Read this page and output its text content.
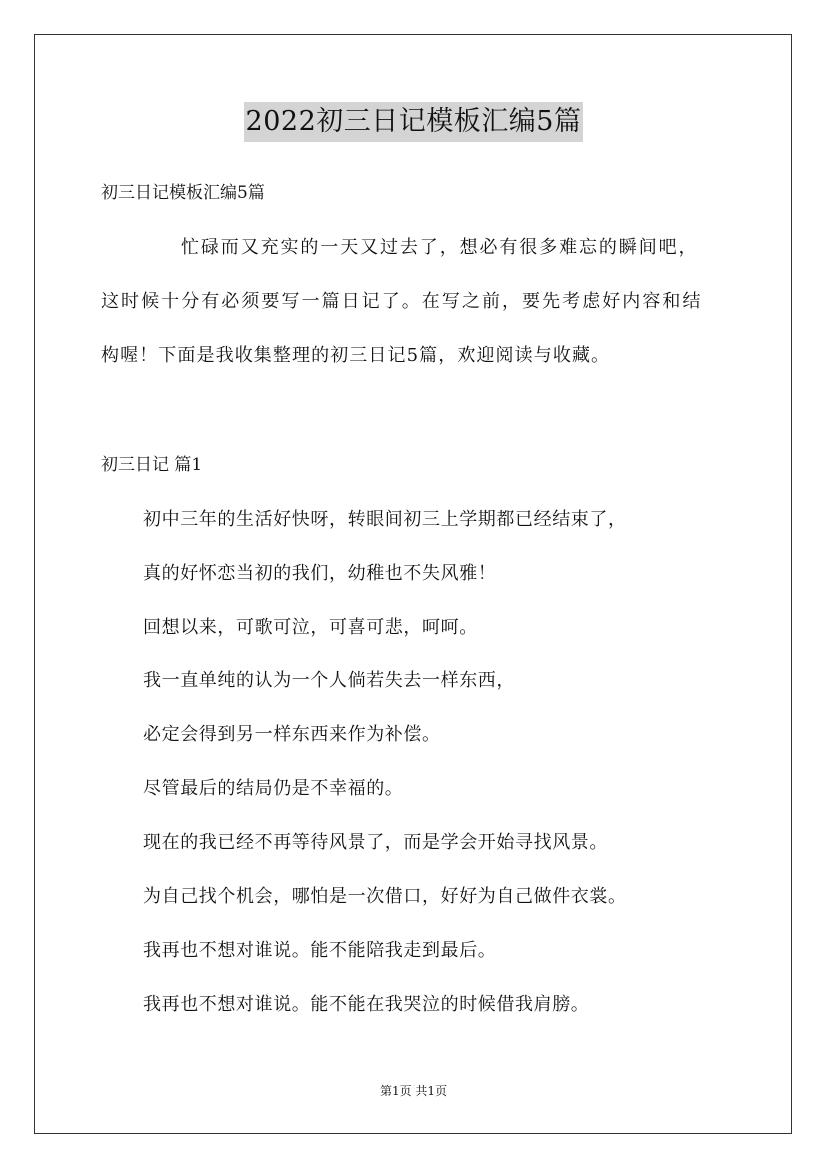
2022初三日记模板汇编5篇
初三日记模板汇编5篇
忙碌而又充实的一天又过去了，想必有很多难忘的瞬间吧，
这时候十分有必须要写一篇日记了。在写之前，要先考虑好内容和结
构喔！下面是我收集整理的初三日记5篇，欢迎阅读与收藏。
初三日记 篇1
初中三年的生活好快呀，转眼间初三上学期都已经结束了，
真的好怀恋当初的我们，幼稚也不失风雅！
回想以来，可歌可泣，可喜可悲，呵呵。
我一直单纯的认为一个人倘若失去一样东西，
必定会得到另一样东西来作为补偿。
尽管最后的结局仍是不幸福的。
现在的我已经不再等待风景了，而是学会开始寻找风景。
为自己找个机会，哪怕是一次借口，好好为自己做件衣裳。
我再也不想对谁说。能不能陪我走到最后。
我再也不想对谁说。能不能在我哭泣的时候借我肩膀。
第1页 共1页
